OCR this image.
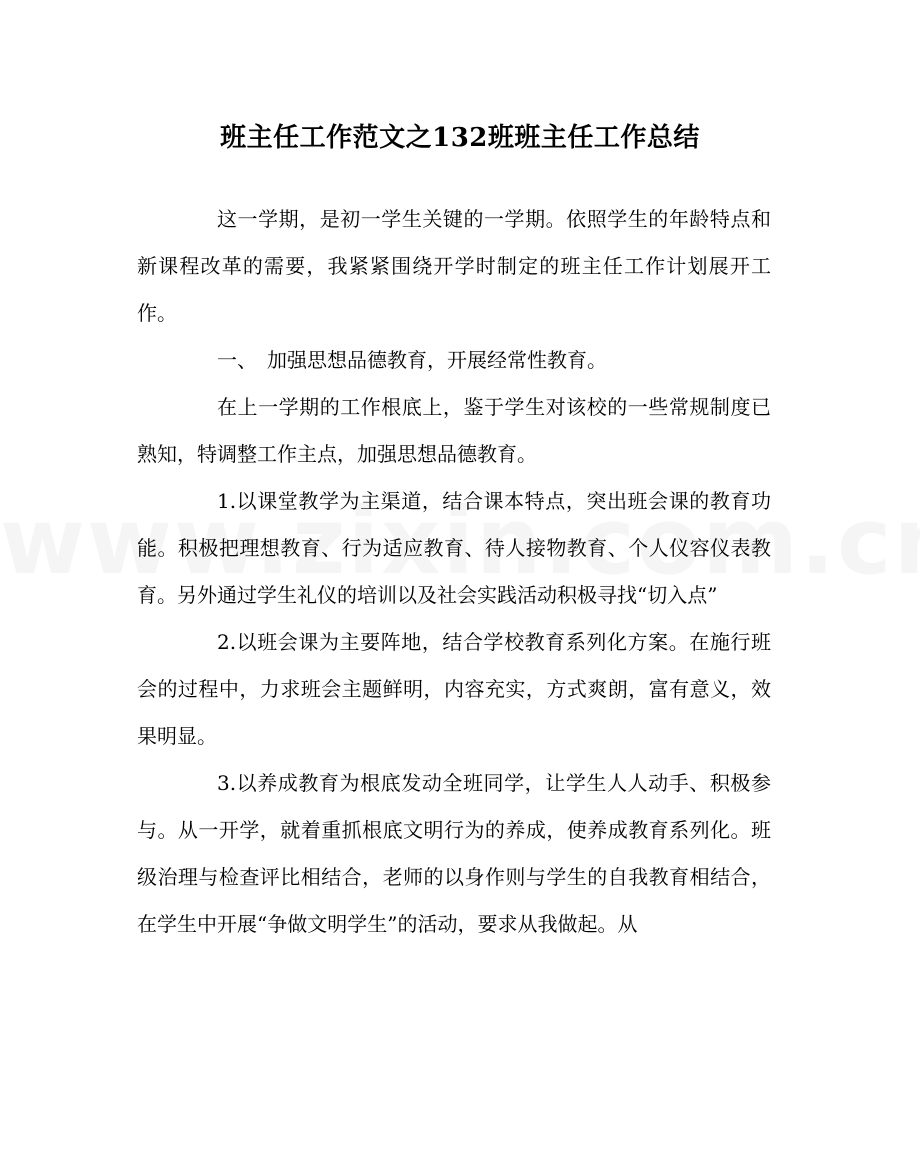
班主任工作范文之132班班主任工作总结

这一学期，是初一学生关键的一学期。依照学生的年龄特点和新课程改革的需要，我紧紧围绕开学时制定的班主任工作计划展开工作。

一、　加强思想品德教育，开展经常性教育。

在上一学期的工作根底上，鉴于学生对该校的一些常规制度已熟知，特调整工作主点，加强思想品德教育。

1.以课堂教学为主渠道，结合课本特点，突出班会课的教育功能。积极把理想教育、行为适应教育、待人接物教育、个人仪容仪表教育。另外通过学生礼仪的培训以及社会实践活动积极寻找“切入点”

2.以班会课为主要阵地，结合学校教育系列化方案。在施行班会的过程中，力求班会主题鲜明，内容充实，方式爽朗，富有意义，效果明显。

3.以养成教育为根底发动全班同学，让学生人人动手、积极参与。从一开学，就着重抓根底文明行为的养成，使养成教育系列化。班级治理与检查评比相结合，老师的以身作则与学生的自我教育相结合，在学生中开展“争做文明学生”的活动，要求从我做起。从
